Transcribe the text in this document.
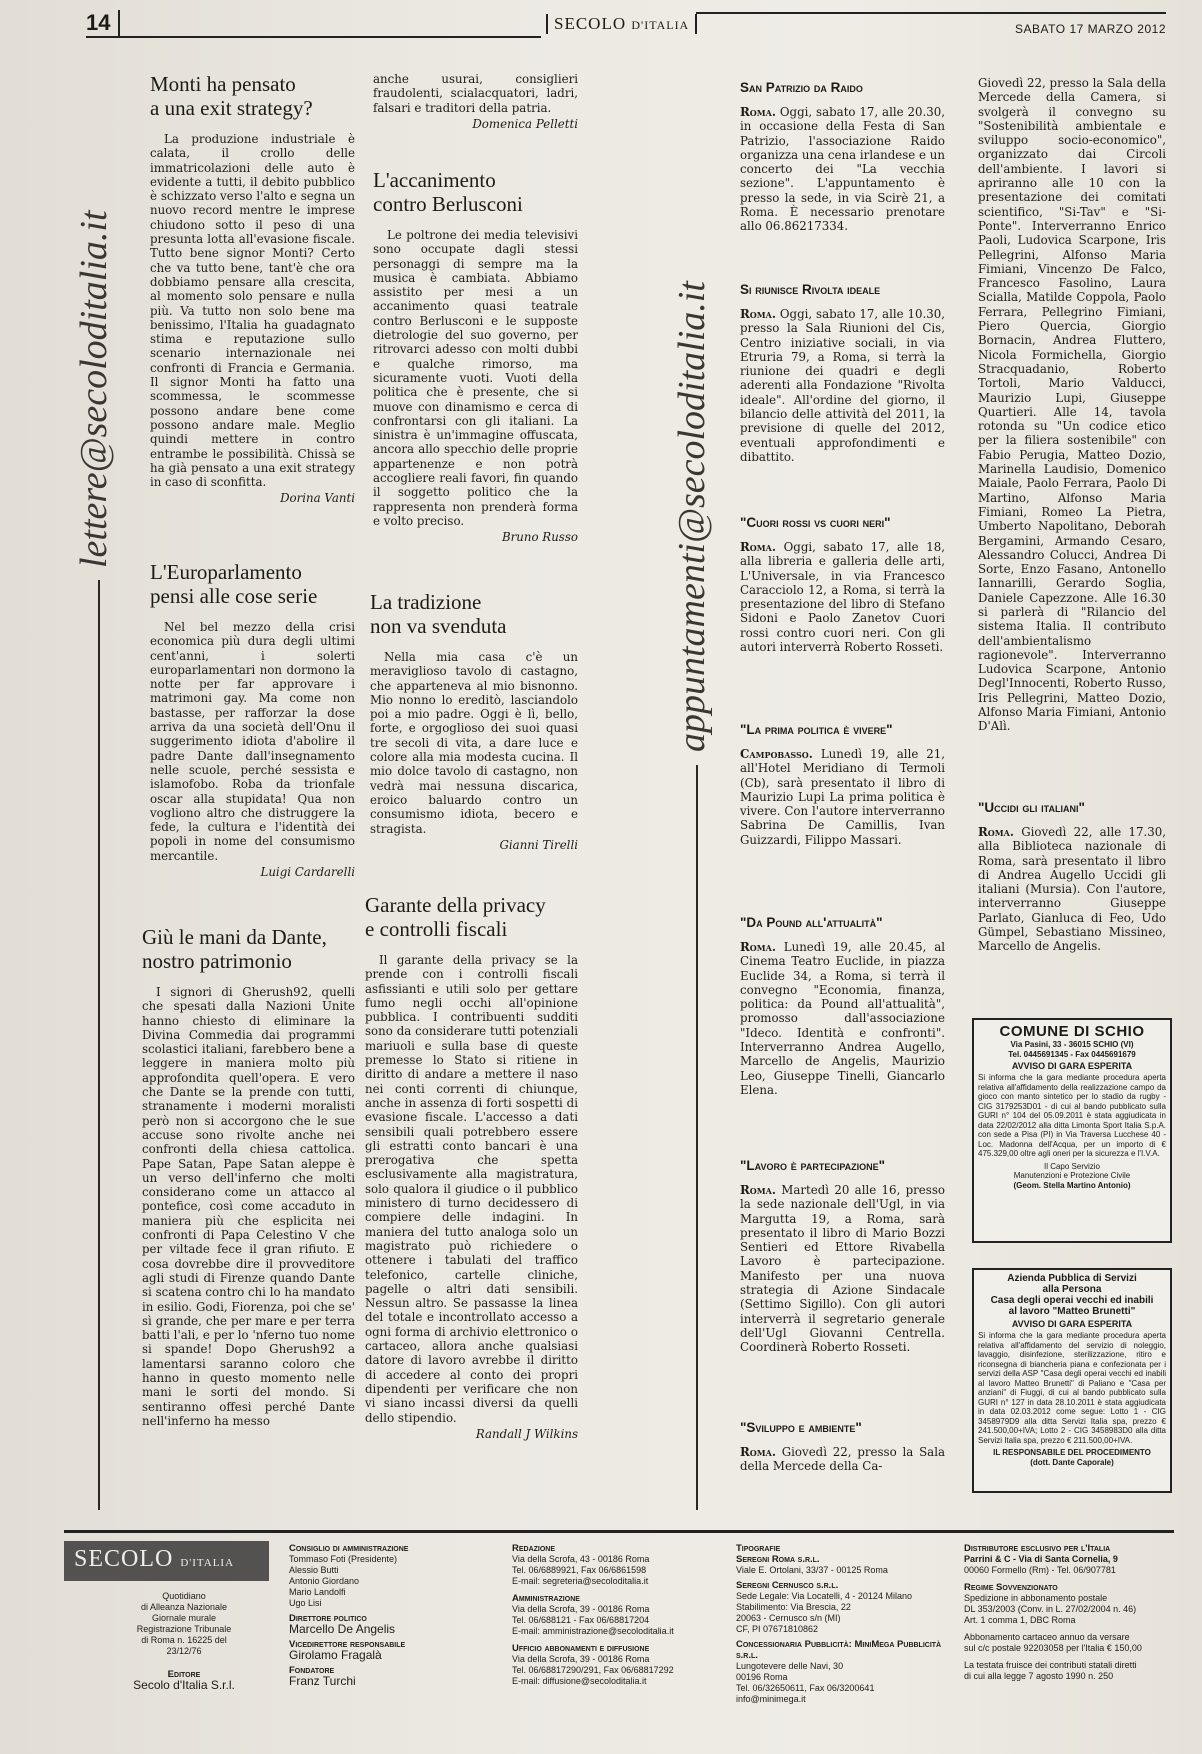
14	SECOLO D'ITALIA	SABATO 17 MARZO 2012
lettere@secoloditalia.it	appuntamenti@secoloditalia.it
Monti ha pensato
a una exit strategy?

La produzione industriale è calata, il crollo delle immatricolazioni delle auto è evidente a tutti, il debito pubblico è schizzato verso l'alto e segna un nuovo record mentre le imprese chiudono sotto il peso di una presunta lotta all'evasione fiscale. Tutto bene signor Monti? Certo che va tutto bene, tant'è che ora dobbiamo pensare alla crescita, al momento solo pensare e nulla più. Va tutto non solo bene ma benissimo, l'Italia ha guadagnato stima e reputazione sullo scenario internazionale nei confronti di Francia e Germania. Il signor Monti ha fatto una scommessa, le scommesse possono andare bene come possono andare male. Meglio quindi mettere in contro entrambe le possibilità. Chissà se ha già pensato a una exit strategy in caso di sconfitta.

Dorina Vanti
L'Europarlamento
pensi alle cose serie

Nel bel mezzo della crisi economica più dura degli ultimi cent'anni, i solerti europarlamentari non dormono la notte per far approvare i matrimoni gay. Ma come non bastasse, per rafforzar la dose arriva da una società dell'Onu il suggerimento idiota d'abolire il padre Dante dall'insegnamento nelle scuole, perché sessista e islamofobo. Roba da trionfale oscar alla stupidata! Qua non vogliono altro che distruggere la fede, la cultura e l'identità dei popoli in nome del consumismo mercantile.

Luigi Cardarelli
Giù le mani da Dante,
nostro patrimonio

I signori di Gherush92, quelli che spesati dalla Nazioni Unite hanno chiesto di eliminare la Divina Commedia dai programmi scolastici italiani, farebbero bene a leggere in maniera molto più approfondita quell'opera. E vero che Dante se la prende con tutti, stranamente i moderni moralisti però non si accorgono che le sue accuse sono rivolte anche nei confronti della chiesa cattolica. Pape Satan, Pape Satan aleppe è un verso dell'inferno che molti considerano come un attacco al pontefice, così come accaduto in maniera più che esplicita nei confronti di Papa Celestino V che per viltade fece il gran rifiuto. E cosa dovrebbe dire il provveditore agli studi di Firenze quando Dante si scatena contro chi lo ha mandato in esilio. Godi, Fiorenza, poi che se' sì grande, che per mare e per terra batti l'ali, e per lo 'nferno tuo nome si spande! Dopo Gherush92 a lamentarsi saranno coloro che hanno in questo momento nelle mani le sorti del mondo. Si sentiranno offesi perché Dante nell'inferno ha messo

anche usurai, consiglieri fraudolenti, scialacquatori, ladri, falsari e traditori della patria.

Domenica Pelletti
L'accanimento
contro Berlusconi

Le poltrone dei media televisivi sono occupate dagli stessi personaggi di sempre ma la musica è cambiata. Abbiamo assistito per mesi a un accanimento quasi teatrale contro Berlusconi e le supposte dietrologie del suo governo, per ritrovarci adesso con molti dubbi e qualche rimorso, ma sicuramente vuoti. Vuoti della politica che è presente, che si muove con dinamismo e cerca di confrontarsi con gli italiani. La sinistra è un'immagine offuscata, ancora allo specchio delle proprie appartenenze e non potrà accogliere reali favori, fin quando il soggetto politico che la rappresenta non prenderà forma e volto preciso.

Bruno Russo
La tradizione
non va svenduta

Nella mia casa c'è un meraviglioso tavolo di castagno, che apparteneva al mio bisnonno. Mio nonno lo ereditò, lasciandolo poi a mio padre. Oggi è lì, bello, forte, e orgoglioso dei suoi quasi tre secoli di vita, a dare luce e colore alla mia modesta cucina. Il mio dolce tavolo di castagno, non vedrà mai nessuna discarica, eroico baluardo contro un consumismo idiota, becero e stragista.

Gianni Tirelli
Garante della privacy
e controlli fiscali

Il garante della privacy se la prende con i controlli fiscali asfissianti e utili solo per gettare fumo negli occhi all'opinione pubblica. I contribuenti sudditi sono da considerare tutti potenziali mariuoli e sulla base di queste premesse lo Stato si ritiene in diritto di andare a mettere il naso nei conti correnti di chiunque, anche in assenza di forti sospetti di evasione fiscale. L'accesso a dati sensibili quali potrebbero essere gli estratti conto bancari è una prerogativa che spetta esclusivamente alla magistratura, solo qualora il giudice o il pubblico ministero di turno decidessero di compiere delle indagini. In maniera del tutto analoga solo un magistrato può richiedere o ottenere i tabulati del traffico telefonico, cartelle cliniche, pagelle o altri dati sensibili. Nessun altro. Se passasse la linea del totale e incontrollato accesso a ogni forma di archivio elettronico o cartaceo, allora anche qualsiasi datore di lavoro avrebbe il diritto di accedere al conto dei propri dipendenti per verificare che non vi siano incassi diversi da quelli dello stipendio.

Randall J Wilkins
San Patrizio da Raido

Roma. Oggi, sabato 17, alle 20.30, in occasione della Festa di San Patrizio, l'associazione Raido organizza una cena irlandese e un concerto dei "La vecchia sezione". L'appuntamento è presso la sede, in via Scirè 21, a Roma. È necessario prenotare allo 06.86217334.

Si riunisce Rivolta ideale

Roma. Oggi, sabato 17, alle 10.30, presso la Sala Riunioni del Cis, Centro iniziative sociali, in via Etruria 79, a Roma, si terrà la riunione dei quadri e degli aderenti alla Fondazione "Rivolta ideale". All'ordine del giorno, il bilancio delle attività del 2011, la previsione di quelle del 2012, eventuali approfondimenti e dibattito.

"Cuori rossi vs cuori neri"

Roma. Oggi, sabato 17, alle 18, alla libreria e galleria delle arti, L'Universale, in via Francesco Caracciolo 12, a Roma, si terrà la presentazione del libro di Stefano Sidoni e Paolo Zanetov Cuori rossi contro cuori neri. Con gli autori interverrà Roberto Rosseti.

"La prima politica è vivere"

Campobasso. Lunedì 19, alle 21, all'Hotel Meridiano di Termoli (Cb), sarà presentato il libro di Maurizio Lupi La prima politica è vivere. Con l'autore interverranno Sabrina De Camillis, Ivan Guizzardi, Filippo Massari.

"Da Pound all'attualità"

Roma. Lunedì 19, alle 20.45, al Cinema Teatro Euclide, in piazza Euclide 34, a Roma, si terrà il convegno "Economia, finanza, politica: da Pound all'attualità", promosso dall'associazione "Ideco. Identità e confronti". Interverranno Andrea Augello, Marcello de Angelis, Maurizio Leo, Giuseppe Tinelli, Giancarlo Elena.

"Lavoro è partecipazione"

Roma. Martedì 20 alle 16, presso la sede nazionale dell'Ugl, in via Margutta 19, a Roma, sarà presentato il libro di Mario Bozzi Sentieri ed Ettore Rivabella Lavoro è partecipazione. Manifesto per una nuova strategia di Azione Sindacale (Settimo Sigillo). Con gli autori interverrà il segretario generale dell'Ugl Giovanni Centrella. Coordinerà Roberto Rosseti.

"Sviluppo e ambiente"

Roma. Giovedì 22, presso la Sala della Mercede della Ca-

Giovedì 22, presso la Sala della Mercede della Camera, si svolgerà il convegno su "Sostenibilità ambientale e sviluppo socio-economico", organizzato dai Circoli dell'ambiente. I lavori si apriranno alle 10 con la presentazione dei comitati scientifico, "Si-Tav" e "Si-Ponte". Interverranno Enrico Paoli, Ludovica Scarpone, Iris Pellegrini, Alfonso Maria Fimiani, Vincenzo De Falco, Francesco Fasolino, Laura Scialla, Matilde Coppola, Paolo Ferrara, Pellegrino Fimiani, Piero Quercia, Giorgio Bornacin, Andrea Fluttero, Nicola Formichella, Giorgio Stracquadanio, Roberto Tortoli, Mario Valducci, Maurizio Lupi, Giuseppe Quartieri. Alle 14, tavola rotonda su "Un codice etico per la filiera sostenibile" con Fabio Perugia, Matteo Dozio, Marinella Laudisio, Domenico Maiale, Paolo Ferrara, Paolo Di Martino, Alfonso Maria Fimiani, Romeo La Pietra, Umberto Napolitano, Deborah Bergamini, Armando Cesaro, Alessandro Colucci, Andrea Di Sorte, Enzo Fasano, Antonello Iannarilli, Gerardo Soglia, Daniele Capezzone. Alle 16.30 si parlerà di "Rilancio del sistema Italia. Il contributo dell'ambientalismo ragionevole". Interverranno Ludovica Scarpone, Antonio Degl'Innocenti, Roberto Russo, Iris Pellegrini, Matteo Dozio, Alfonso Maria Fimiani, Antonio D'Alì.

"Uccidi gli italiani"

Roma. Giovedì 22, alle 17.30, alla Biblioteca nazionale di Roma, sarà presentato il libro di Andrea Augello Uccidi gli italiani (Mursia). Con l'autore, interverranno Giuseppe Parlato, Gianluca di Feo, Udo Gümpel, Sebastiano Missineo, Marcello de Angelis.

COMUNE DI SCHIO
Via Pasini, 33 - 36015 SCHIO (VI)
Tel. 0445691345 - Fax 0445691679
AVVISO DI GARA ESPERITA
Si informa che la gara mediante procedura aperta relativa all'affidamento della realizzazione campo da gioco con manto sintetico per lo stadio da rugby - CIG 3179253D01 - di cui al bando pubblicato sulla GURI n° 104 del 05.09.2011 è stata aggiudicata in data 22/02/2012 alla ditta Limonta Sport Italia S.p.A. con sede a Pisa (PI) in Via Traversa Lucchese 40 - Loc. Madonna dell'Acqua, per un importo di € 475.329,00 oltre agli oneri per la sicurezza e l'I.V.A.
Il Capo Servizio
Manutenzioni e Protezione Civile
(Geom. Stella Martino Antonio)
Azienda Pubblica di Servizi
alla Persona
Casa degli operai vecchi ed inabili
al lavoro "Matteo Brunetti"
AVVISO DI GARA ESPERITA
Si informa che la gara mediante procedura aperta relativa all'affidamento del servizio di noleggio, lavaggio, disinfezione, sterilizzazione, ritiro e riconsegna di biancheria piana e confezionata per i servizi della ASP "Casa degli operai vecchi ed inabili al lavoro Matteo Brunetti" di Paliano e "Casa per anziani" di Fiuggi, di cui al bando pubblicato sulla GURI n° 127 in data 28.10.2011 è stata aggiudicata in data 02.03.2012 come segue: Lotto 1 - CIG 3458979D9 alla ditta Servizi Italia spa, prezzo € 241.500,00+IVA; Lotto 2 - CIG 3458983D0 alla ditta Servizi Italia spa, prezzo € 211.500,00+IVA.
IL RESPONSABILE DEL PROCEDIMENTO
(dott. Dante Caporale)
SECOLO D'ITALIA
Quotidiano
di Alleanza Nazionale
Giornale murale
Registrazione Tribunale
di Roma n. 16225 del 23/12/76
Editore
Secolo d'Italia S.r.l.
Consiglio di amministrazione
Tommaso Foti (Presidente)
Alessio Butti
Antonio Giordano
Mario Landolfi
Ugo Lisi
Direttore politico
Marcello De Angelis
Vicedirettore responsabile
Girolamo Fragalà
Fondatore
Franz Turchi
Redazione
Via della Scrofa, 43 - 00186 Roma
Tel. 06/6889921, Fax 06/6861598
E-mail: segreteria@secoloditalia.it
Amministrazione
Via della Scrofa, 39 - 00186 Roma
Tel. 06/688121 - Fax 06/68817204
E-mail: amministrazione@secoloditalia.it
Ufficio abbonamenti e diffusione
Via della Scrofa, 39 - 00186 Roma
Tel. 06/68817290/291, Fax 06/68817292
E-mail: diffusione@secoloditalia.it
Tipografie
Seregni Roma s.r.l.
Viale E. Ortolani, 33/37 - 00125 Roma
Seregni Cernusco s.r.l.
Sede Legale: Via Locatelli, 4 - 20124 Milano
Stabilimento: Via Brescia, 22
20063 - Cernusco s/n (MI)
CF, PI 07671810862
Concessionaria Pubblicità: MiniMega Pubblicità s.r.l.
Lungotevere delle Navi, 30
00196 Roma
Tel. 06/32650611, Fax 06/3200641
info@minimega.it
Distributore esclusivo per l'Italia
Parrini & C - Via di Santa Cornelia, 9
00060 Formello (Rm) - Tel. 06/907781
Regime Sovvenzionato
Spedizione in abbonamento postale
DL 353/2003 (Conv. in L. 27/02/2004 n. 46)
Art. 1 comma 1, DBC Roma
Abbonamento cartaceo annuo da versare
sul c/c postale 92203058 per l'Italia € 150,00
La testata fruisce dei contributi statali diretti
di cui alla legge 7 agosto 1990 n. 250
